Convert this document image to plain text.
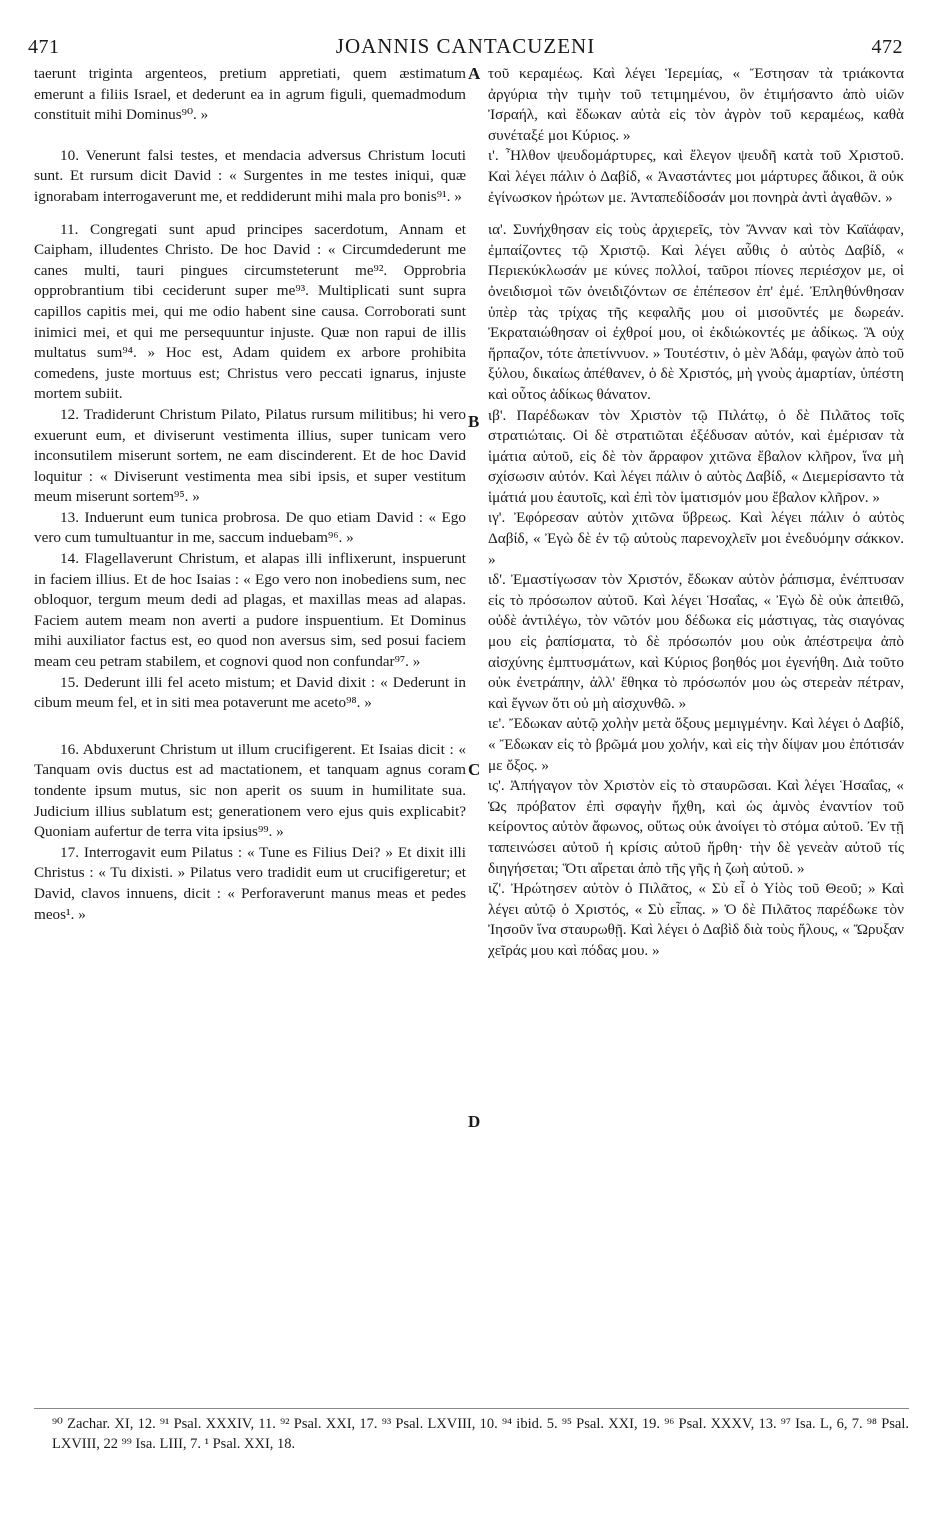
471	JOANNIS CANTACUZENI	472

taerunt triginta argenteos, pretium appretiati, quem æstimatum emerunt a filiis Israel, et dederunt ea in agrum figuli, quemadmodum constituit mihi Dominus⁹⁰. »

10. Venerunt falsi testes, et mendacia adversus Christum locuti sunt. Et rursum dicit David : « Surgentes in me testes iniqui, quæ ignorabam interrogaverunt me, et reddiderunt mihi mala pro bonis⁹¹. »

11. Congregati sunt apud principes sacerdotum, Annam et Caipham, illudentes Christo. De hoc David : « Circumdederunt me canes multi, tauri pingues circumsteterunt me⁹². Opprobria opprobrantium tibi ceciderunt super me⁹³. Multiplicati sunt supra capillos capitis mei, qui me odio habent sine causa. Corroborati sunt inimici mei, et qui me persequuntur injuste. Quæ non rapui de illis multatus sum⁹⁴. » Hoc est, Adam quidem ex arbore prohibita comedens, juste mortuus est; Christus vero peccati ignarus, injuste mortem subiit.

12. Tradiderunt Christum Pilato, Pilatus rursum militibus; hi vero exuerunt eum, et diviserunt vestimenta illius, super tunicam vero inconsutilem miserunt sortem, ne eam discinderent. Et de hoc David loquitur : « Diviserunt vestimenta mea sibi ipsis, et super vestitum meum miserunt sortem⁹⁵. »

13. Induerunt eum tunica probrosa. De quo etiam David : « Ego vero cum tumultuantur in me, saccum induebam⁹⁶. »

14. Flagellaverunt Christum, et alapas illi inflixerunt, inspuerunt in faciem illius. Et de hoc Isaias : « Ego vero non inobediens sum, nec obloquor, tergum meum dedi ad plagas, et maxillas meas ad alapas. Faciem autem meam non averti a pudore inspuentium. Et Dominus mihi auxiliator factus est, eo quod non aversus sim, sed posui faciem meam ceu petram stabilem, et cognovi quod non confundar⁹⁷. »

15. Dederunt illi fel aceto mistum; et David dixit : « Dederunt in cibum meum fel, et in siti mea potaverunt me aceto⁹⁸. »

16. Abduxerunt Christum ut illum crucifigerent. Et Isaias dicit : « Tanquam ovis ductus est ad mactationem, et tanquam agnus coram tondente ipsum mutus, sic non aperit os suum in humilitate sua. Judicium illius sublatum est; generationem vero ejus quis explicabit? Quoniam aufertur de terra vita ipsius⁹⁹. »

17. Interrogavit eum Pilatus : « Tune es Filius Dei? » Et dixit illi Christus : « Tu dixisti. » Pilatus vero tradidit eum ut crucifigeretur; et David, clavos innuens, dicit : « Perforaverunt manus meas et pedes meos¹. »

A
B
C
D

τοῦ κεραμέως. Καὶ λέγει Ἱερεμίας, « Ἔστησαν τὰ τριάκοντα ἀργύρια τὴν τιμὴν τοῦ τετιμημένου, ὃν ἐτιμήσαντο ἀπὸ υἱῶν Ἰσραήλ, καὶ ἔδωκαν αὐτὰ εἰς τὸν ἀγρὸν τοῦ κεραμέως, καθὰ συνέταξέ μοι Κύριος. »

ι'. Ἦλθον ψευδομάρτυρες, καὶ ἔλεγον ψευδῆ κατὰ τοῦ Χριστοῦ. Καὶ λέγει πάλιν ὁ Δαβίδ, « Ἀναστάντες μοι μάρτυρες ἄδικοι, ἃ οὐκ ἐγίνωσκον ἠρώτων με. Ἀνταπεδίδοσάν μοι πονηρὰ ἀντὶ ἀγαθῶν. »

ια'. Συνήχθησαν εἰς τοὺς ἀρχιερεῖς, τὸν Ἄνναν καὶ τὸν Καϊάφαν, ἐμπαίζοντες τῷ Χριστῷ. Καὶ λέγει αὖθις ὁ αὐτὸς Δαβίδ, « Περιεκύκλωσάν με κύνες πολλοί, ταῦροι πίονες περιέσχον με, οἱ ὀνειδισμοὶ τῶν ὀνειδιζόντων σε ἐπέπεσον ἐπ' ἐμέ. Ἐπληθύνθησαν ὑπὲρ τὰς τρίχας τῆς κεφαλῆς μου οἱ μισοῦντές με δωρεάν. Ἐκραταιώθησαν οἱ ἐχθροί μου, οἱ ἐκδιώκοντές με ἀδίκως. Ἃ οὐχ ἥρπαζον, τότε ἀπετίννυον. » Τουτέστιν, ὁ μὲν Ἀδάμ, φαγὼν ἀπὸ τοῦ ξύλου, δικαίως ἀπέθανεν, ὁ δὲ Χριστός, μὴ γνοὺς ἁμαρτίαν, ὑπέστη καὶ οὗτος ἀδίκως θάνατον.

ιβ'. Παρέδωκαν τὸν Χριστὸν τῷ Πιλάτῳ, ὁ δὲ Πιλᾶτος τοῖς στρατιώταις. Οἱ δὲ στρατιῶται ἐξέδυσαν αὐτόν, καὶ ἐμέρισαν τὰ ἱμάτια αὐτοῦ, εἰς δὲ τὸν ἄρραφον χιτῶνα ἔβαλον κλῆρον, ἵνα μὴ σχίσωσιν αὐτόν. Καὶ λέγει πάλιν ὁ αὐτὸς Δαβίδ, « Διεμερίσαντο τὰ ἱμάτιά μου ἑαυτοῖς, καὶ ἐπὶ τὸν ἱματισμόν μου ἔβαλον κλῆρον. »

ιγ'. Ἐφόρεσαν αὐτὸν χιτῶνα ὕβρεως. Καὶ λέγει πάλιν ὁ αὐτὸς Δαβίδ, « Ἐγὼ δὲ ἐν τῷ αὐτοὺς παρενοχλεῖν μοι ἐνεδυόμην σάκκον. »

ιδ'. Ἐμαστίγωσαν τὸν Χριστόν, ἔδωκαν αὐτὸν ῥάπισμα, ἐνέπτυσαν εἰς τὸ πρόσωπον αὐτοῦ. Καὶ λέγει Ἡσαΐας, « Ἐγὼ δὲ οὐκ ἀπειθῶ, οὐδὲ ἀντιλέγω, τὸν νῶτόν μου δέδωκα εἰς μάστιγας, τὰς σιαγόνας μου εἰς ῥαπίσματα, τὸ δὲ πρόσωπόν μου οὐκ ἀπέστρεψα ἀπὸ αἰσχύνης ἐμπτυσμάτων, καὶ Κύριος βοηθός μοι ἐγενήθη. Διὰ τοῦτο οὐκ ἐνετράπην, ἀλλ' ἔθηκα τὸ πρόσωπόν μου ὡς στερεὰν πέτραν, καὶ ἔγνων ὅτι οὐ μὴ αἰσχυνθῶ. »

ιε'. Ἔδωκαν αὐτῷ χολὴν μετὰ ὄξους μεμιγμένην. Καὶ λέγει ὁ Δαβίδ, « Ἔδωκαν εἰς τὸ βρῶμά μου χολήν, καὶ εἰς τὴν δίψαν μου ἐπότισάν με ὄξος. »

ις'. Ἀπήγαγον τὸν Χριστὸν εἰς τὸ σταυρῶσαι. Καὶ λέγει Ἡσαΐας, « Ὡς πρόβατον ἐπὶ σφαγὴν ἤχθη, καὶ ὡς ἀμνὸς ἐναντίον τοῦ κείροντος αὐτὸν ἄφωνος, οὕτως οὐκ ἀνοίγει τὸ στόμα αὐτοῦ. Ἐν τῇ ταπεινώσει αὐτοῦ ἡ κρίσις αὐτοῦ ἤρθη· τὴν δὲ γενεὰν αὐτοῦ τίς διηγήσεται; Ὅτι αἴρεται ἀπὸ τῆς γῆς ἡ ζωὴ αὐτοῦ. »

ιζ'. Ἠρώτησεν αὐτὸν ὁ Πιλᾶτος, « Σὺ εἶ ὁ Υἱὸς τοῦ Θεοῦ; » Καὶ λέγει αὐτῷ ὁ Χριστός, « Σὺ εἶπας. » Ὁ δὲ Πιλᾶτος παρέδωκε τὸν Ἰησοῦν ἵνα σταυρωθῇ. Καὶ λέγει ὁ Δαβὶδ διὰ τοὺς ἥλους, « Ὤρυξαν χεῖράς μου καὶ πόδας μου. »

⁹⁰ Zachar. XI, 12. ⁹¹ Psal. XXXIV, 11. ⁹² Psal. XXI, 17. ⁹³ Psal. LXVIII, 10. ⁹⁴ ibid. 5. ⁹⁵ Psal. XXI, 19. ⁹⁶ Psal. XXXV, 13. ⁹⁷ Isa. L, 6, 7. ⁹⁸ Psal. LXVIII, 22 ⁹⁹ Isa. LIII, 7. ¹ Psal. XXI, 18.
